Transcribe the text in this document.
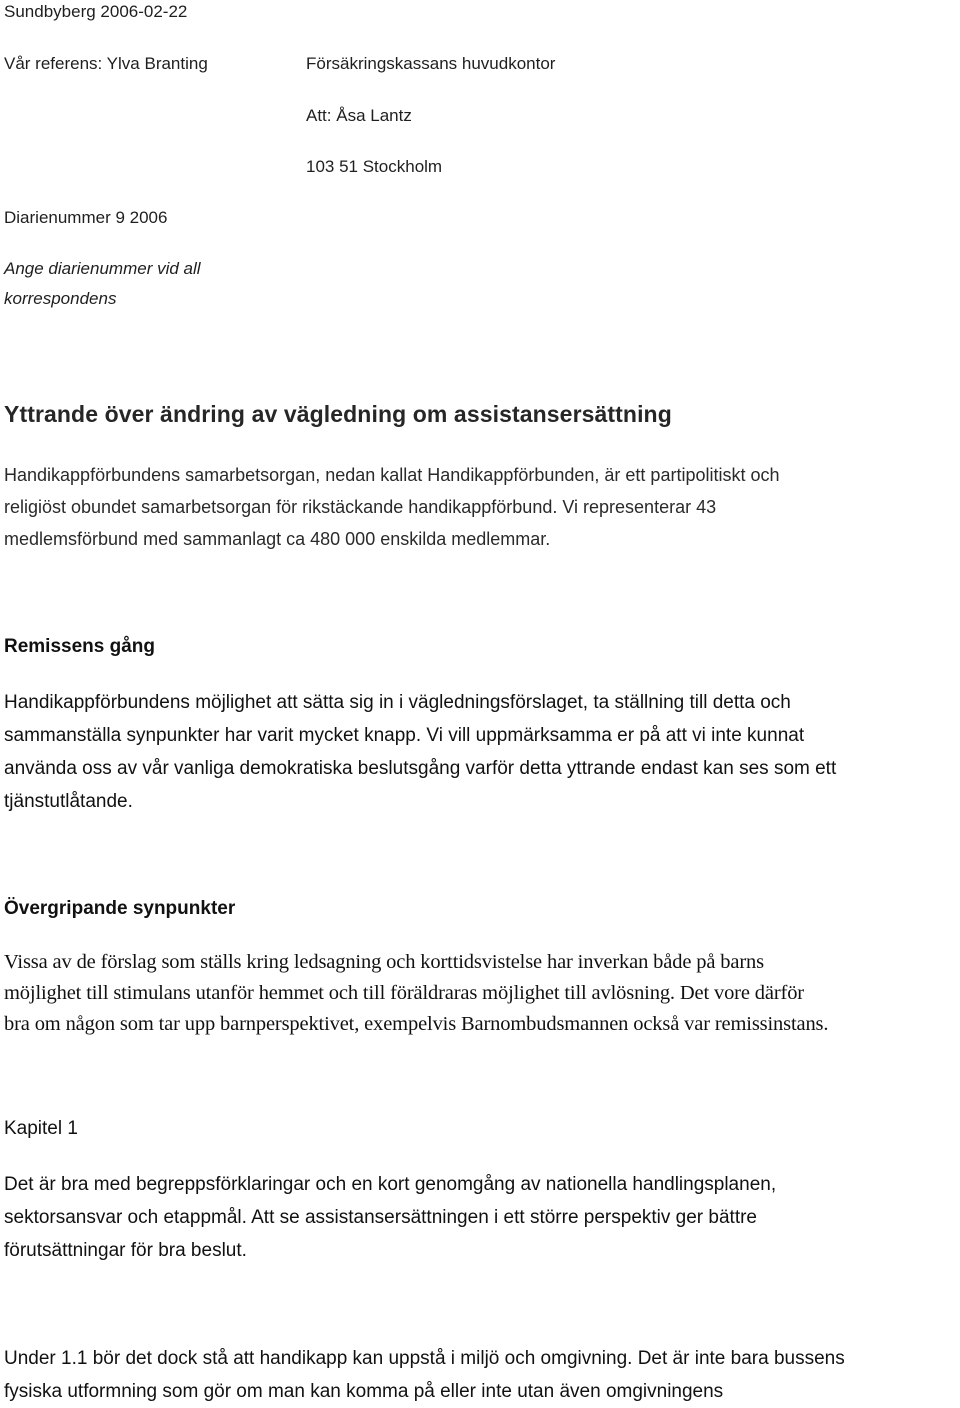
Sundbyberg 2006-02-22
Vår referens: Ylva Branting	Försäkringskassans huvudkontor
Att: Åsa Lantz
103 51 Stockholm
Diarienummer 9 2006
Ange diarienummer vid all
korrespondens
Yttrande över ändring av vägledning om assistansersättning
Handikappförbundens samarbetsorgan, nedan kallat Handikappförbunden, är ett partipolitiskt och
religiöst obundet samarbetsorgan för rikstäckande handikappförbund. Vi representerar 43
medlemsförbund med sammanlagt ca 480 000 enskilda medlemmar.
Remissens gång
Handikappförbundens möjlighet att sätta sig in i vägledningsförslaget, ta ställning till detta och
sammanställa synpunkter har varit mycket knapp. Vi vill uppmärksamma er på att vi inte kunnat
använda oss av vår vanliga demokratiska beslutsgång varför detta yttrande endast kan ses som ett
tjänstutlåtande.
Övergripande synpunkter
Vissa av de förslag som ställs kring ledsagning och korttidsvistelse har inverkan både på barns
möjlighet till stimulans utanför hemmet och till föräldraras möjlighet till avlösning. Det vore därför
bra om någon som tar upp barnperspektivet, exempelvis Barnombudsmannen också var remissinstans.
Kapitel 1
Det är bra med begreppsförklaringar och en kort genomgång av nationella handlingsplanen,
sektorsansvar och etappmål. Att se assistansersättningen i ett större perspektiv ger bättre
förutsättningar för bra beslut.
Under 1.1 bör det dock stå att handikapp kan uppstå i miljö och omgivning. Det är inte bara bussens
fysiska utformning som gör om man kan komma på eller inte utan även omgivningens
